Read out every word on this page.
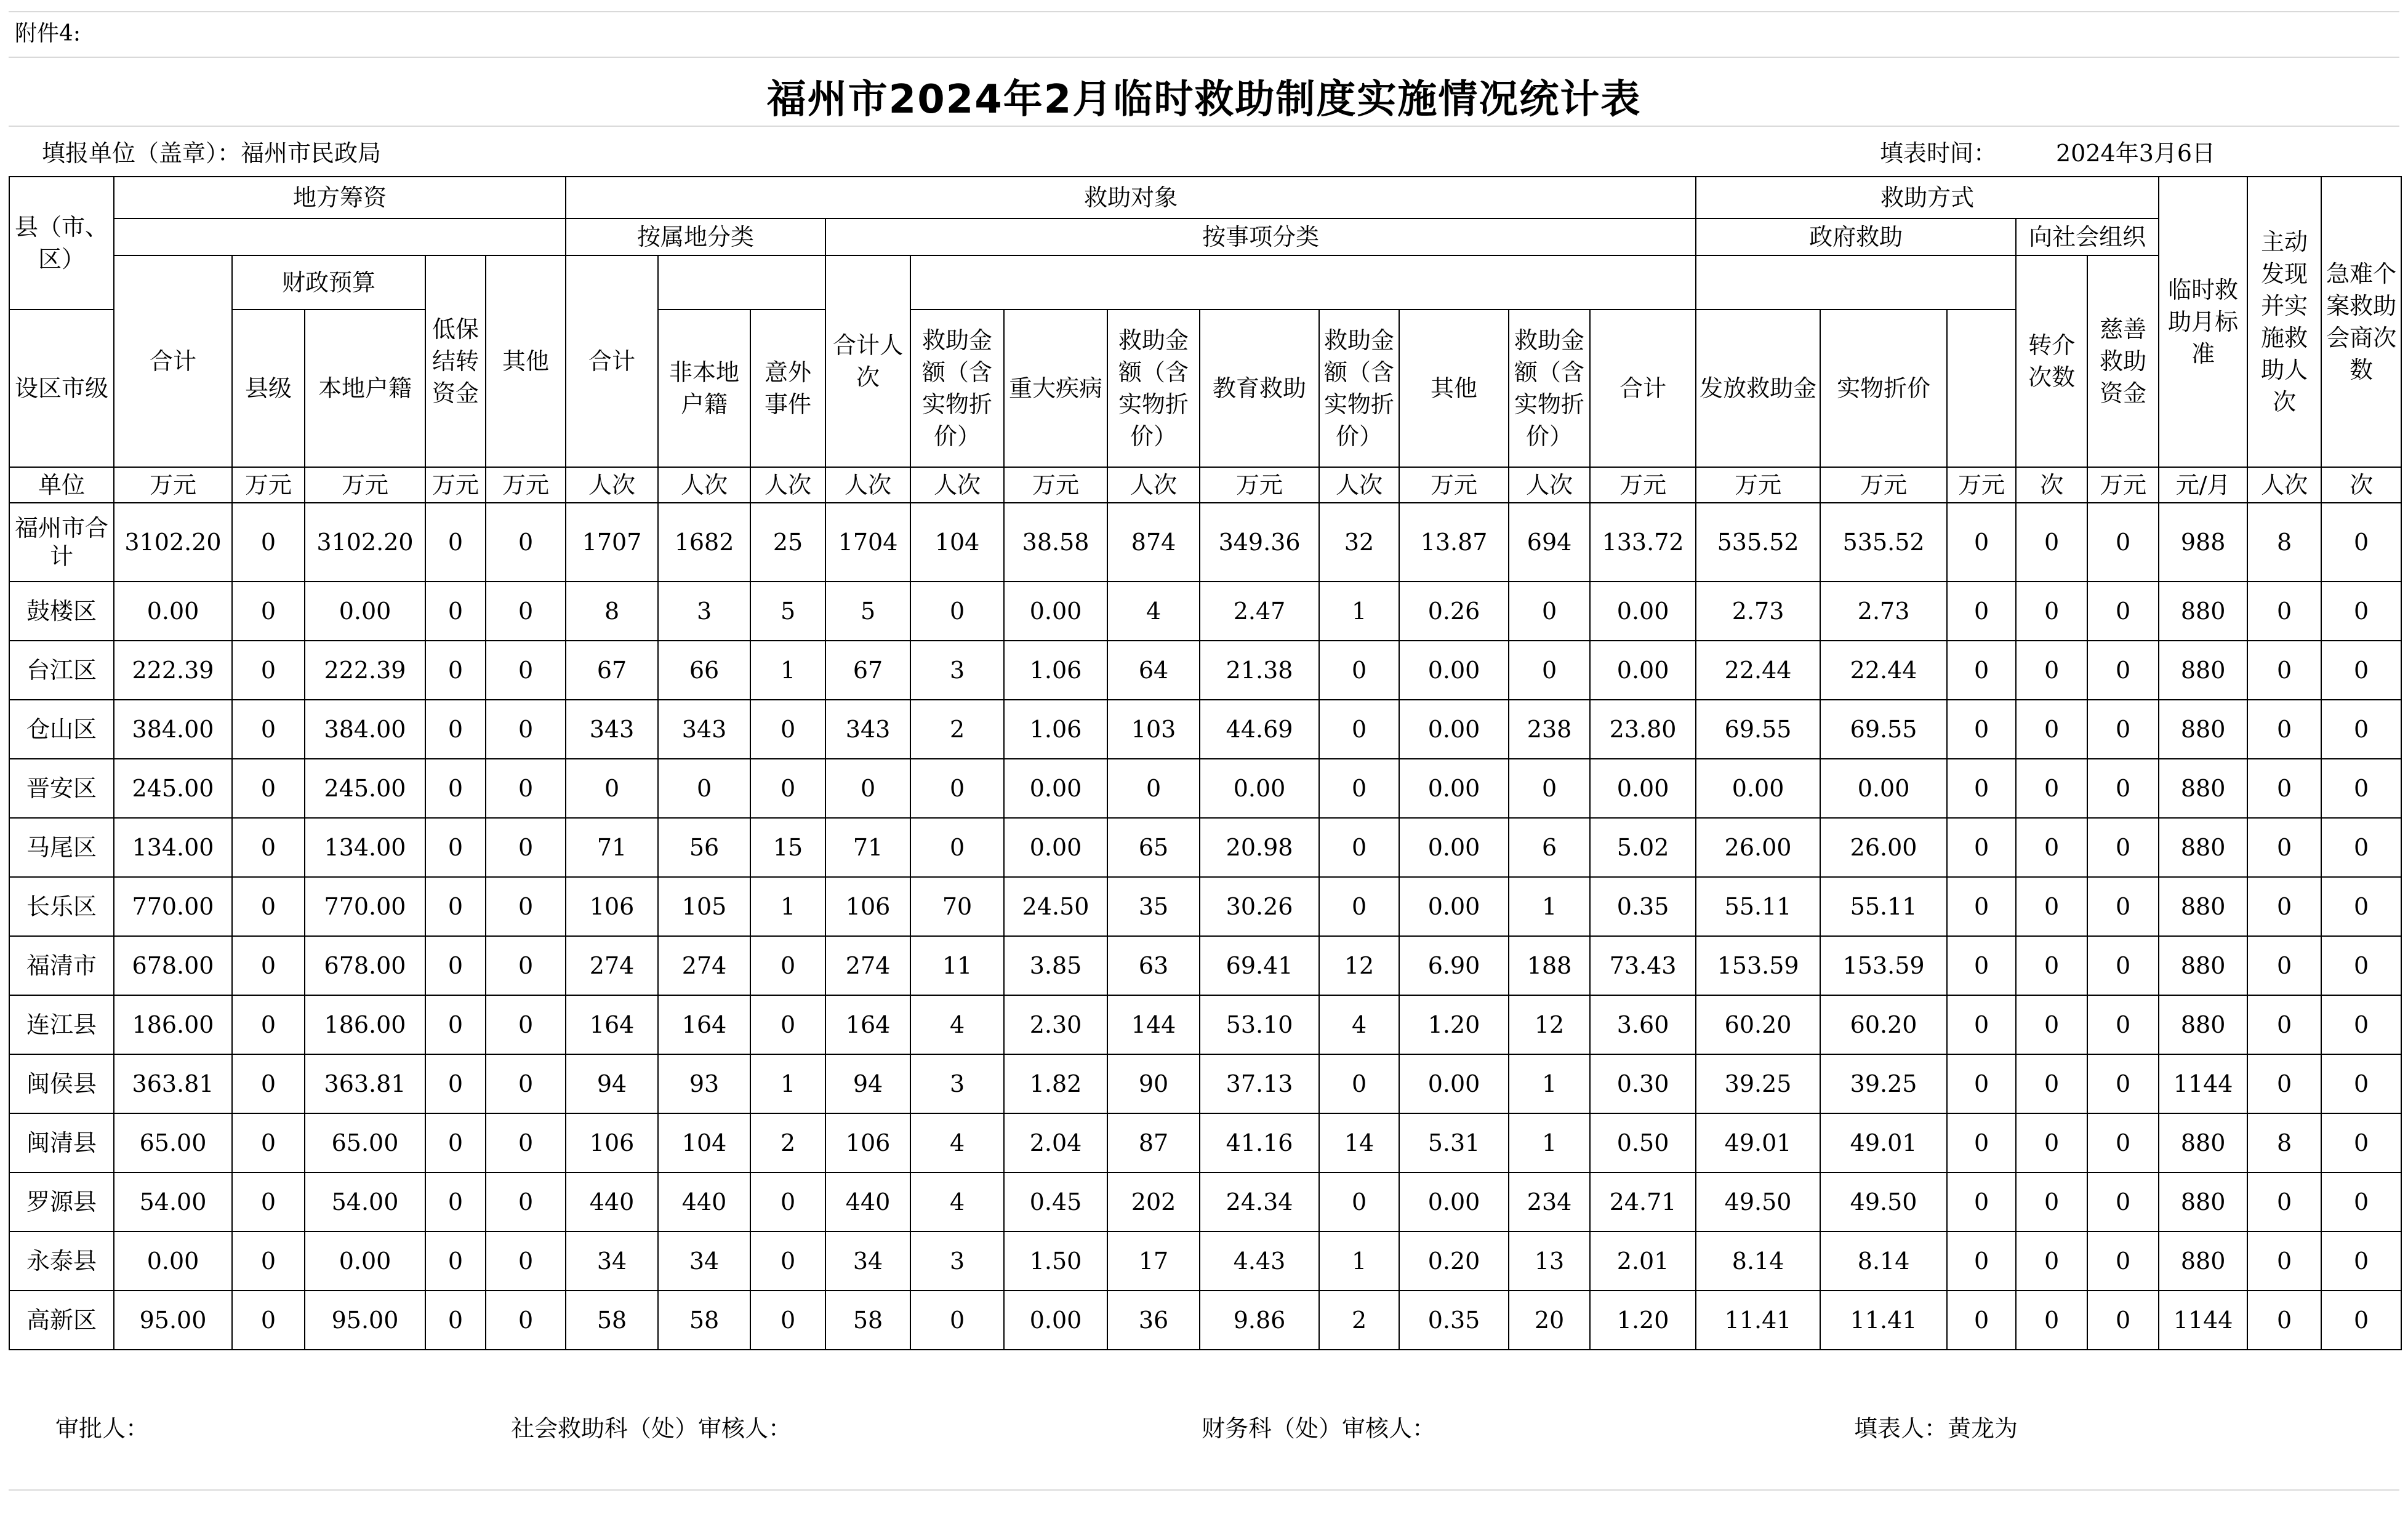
附件4:
福州市2024年2月临时救助制度实施情况统计表
填报单位（盖章）：福州市民政局	填表时间：	2024年3月6日
县（市、区）	地方筹资					救助对象												救助方式					临时救助月标准	主动发现并实施救助人次	急难个案救助会商次数
						按属地分类			按事项分类									政府救助			向社会组织				
	合计	财政预算		低保结转资金	其他	合计			合计人次												转介次数	慈善救助资金			
设区市级		县级	本地户籍				非本地户籍	意外事件		救助金额（含实物折价）	重大疾病	救助金额（含实物折价）	教育救助	救助金额（含实物折价）	其他	救助金额（含实物折价）	合计	发放救助金	实物折价						
单位	万元	万元	万元	万元	万元	人次	人次	人次	人次	人次	万元	人次	万元	人次	万元	人次	万元	万元	万元	万元	次	万元	元/月	人次	次
福州市合计	3102.20	0	3102.20	0	0	1707	1682	25	1704	104	38.58	874	349.36	32	13.87	694	133.72	535.52	535.52	0	0	0	988	8	0
鼓楼区	0.00	0	0.00	0	0	8	3	5	5	0	0.00	4	2.47	1	0.26	0	0.00	2.73	2.73	0	0	0	880	0	0
台江区	222.39	0	222.39	0	0	67	66	1	67	3	1.06	64	21.38	0	0.00	0	0.00	22.44	22.44	0	0	0	880	0	0
仓山区	384.00	0	384.00	0	0	343	343	0	343	2	1.06	103	44.69	0	0.00	238	23.80	69.55	69.55	0	0	0	880	0	0
晋安区	245.00	0	245.00	0	0	0	0	0	0	0	0.00	0	0.00	0	0.00	0	0.00	0.00	0.00	0	0	0	880	0	0
马尾区	134.00	0	134.00	0	0	71	56	15	71	0	0.00	65	20.98	0	0.00	6	5.02	26.00	26.00	0	0	0	880	0	0
长乐区	770.00	0	770.00	0	0	106	105	1	106	70	24.50	35	30.26	0	0.00	1	0.35	55.11	55.11	0	0	0	880	0	0
福清市	678.00	0	678.00	0	0	274	274	0	274	11	3.85	63	69.41	12	6.90	188	73.43	153.59	153.59	0	0	0	880	0	0
连江县	186.00	0	186.00	0	0	164	164	0	164	4	2.30	144	53.10	4	1.20	12	3.60	60.20	60.20	0	0	0	880	0	0
闽侯县	363.81	0	363.81	0	0	94	93	1	94	3	1.82	90	37.13	0	0.00	1	0.30	39.25	39.25	0	0	0	1144	0	0
闽清县	65.00	0	65.00	0	0	106	104	2	106	4	2.04	87	41.16	14	5.31	1	0.50	49.01	49.01	0	0	0	880	8	0
罗源县	54.00	0	54.00	0	0	440	440	0	440	4	0.45	202	24.34	0	0.00	234	24.71	49.50	49.50	0	0	0	880	0	0
永泰县	0.00	0	0.00	0	0	34	34	0	34	3	1.50	17	4.43	1	0.20	13	2.01	8.14	8.14	0	0	0	880	0	0
高新区	95.00	0	95.00	0	0	58	58	0	58	0	0.00	36	9.86	2	0.35	20	1.20	11.41	11.41	0	0	0	1144	0	0
审批人：	社会救助科（处）审核人：	财务科（处）审核人：	填表人：黄龙为
